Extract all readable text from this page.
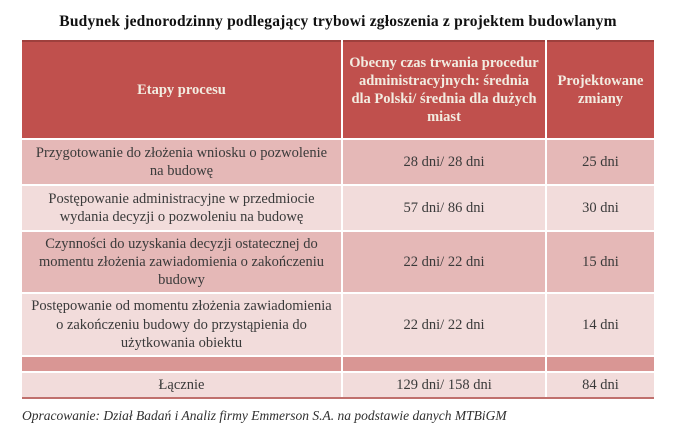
Budynek jednorodzinny podlegający trybowi zgłoszenia z projektem budowlanym
Etapy procesu	Obecny czas trwania procedur administracyjnych: średnia dla Polski/ średnia dla dużych miast	Projektowane zmiany
Przygotowanie do złożenia wniosku o pozwolenie na budowę	28 dni/ 28 dni	25 dni
Postępowanie administracyjne w przedmiocie wydania decyzji o pozwoleniu na budowę	57 dni/ 86 dni	30 dni
Czynności do uzyskania decyzji ostatecznej do momentu złożenia zawiadomienia o zakończeniu budowy	22 dni/ 22 dni	15 dni
Postępowanie od momentu złożenia zawiadomienia o zakończeniu budowy do przystąpienia do użytkowania obiektu	22 dni/ 22 dni	14 dni

Łącznie	129 dni/ 158 dni	84 dni
Opracowanie: Dział Badań i Analiz firmy Emmerson S.A. na podstawie danych MTBiGM
